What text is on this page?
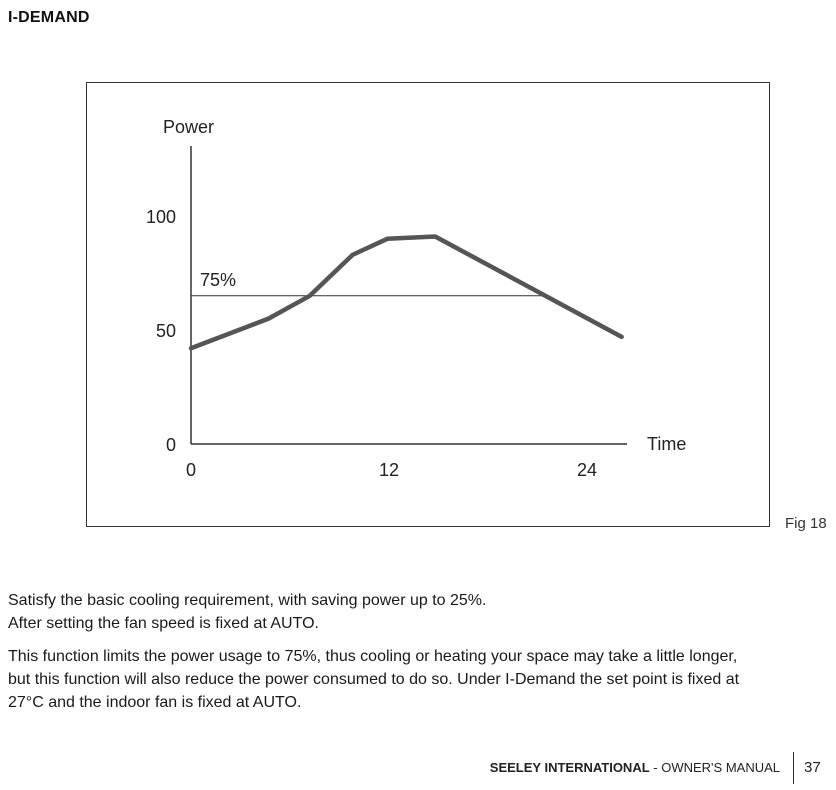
I-DEMAND
Power
Time
0	12	24
0
50
100
75%
Fig 18
Satisfy the basic cooling requirement, with saving power up to 25%.
After setting the fan speed is fixed at AUTO.
This function limits the power usage to 75%, thus cooling or heating your space may take a little longer,
but this function will also reduce the power consumed to do so. Under I-Demand the set point is fixed at
27°C and the indoor fan is fixed at AUTO.
SEELEY INTERNATIONAL - OWNER'S MANUAL 37
